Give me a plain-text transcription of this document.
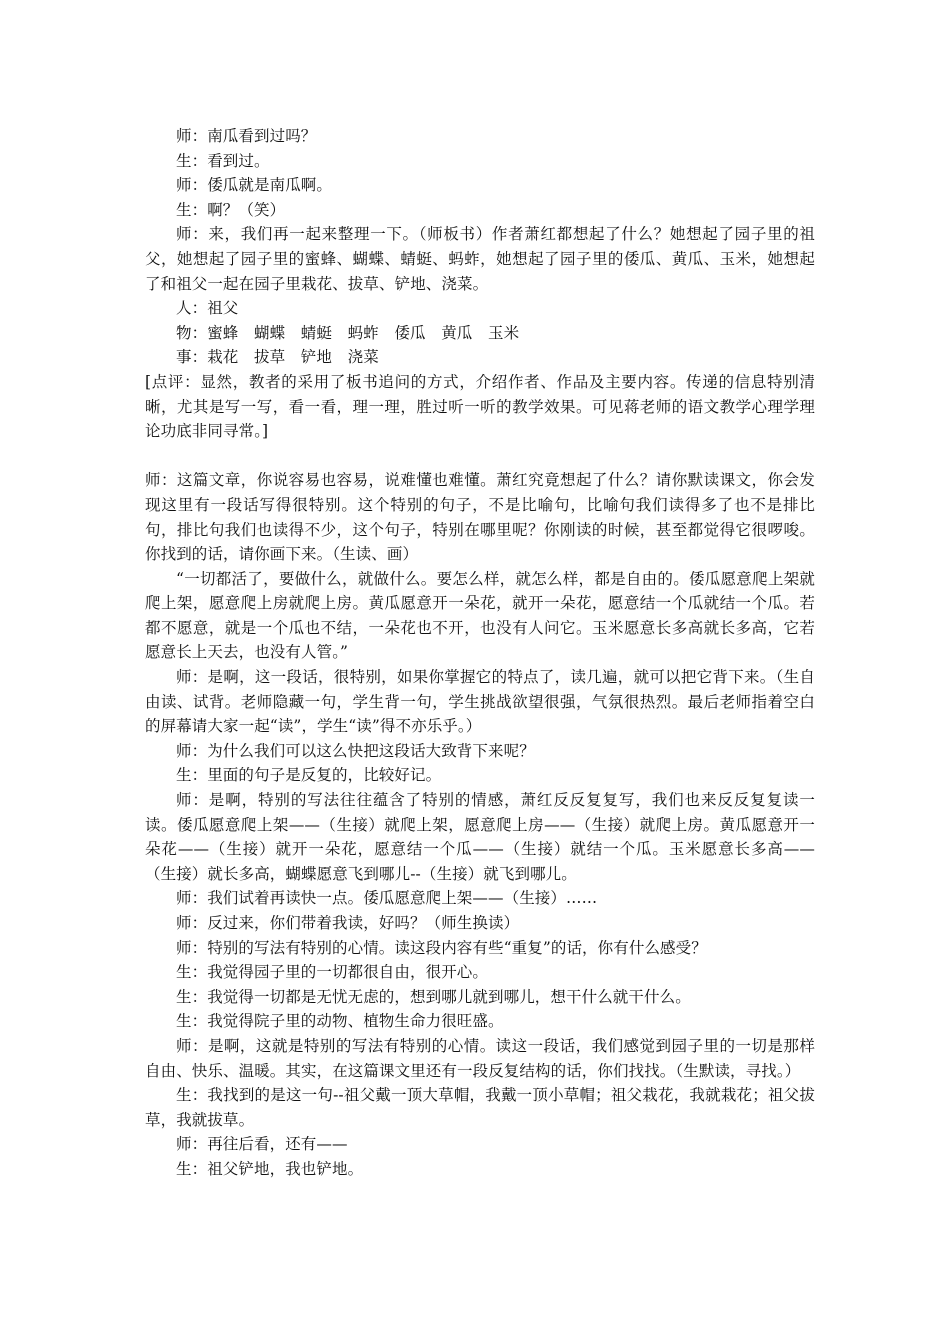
师：南瓜看到过吗？

生：看到过。

师：倭瓜就是南瓜啊。

生：啊？（笑）

师：来，我们再一起来整理一下。（师板书）作者萧红都想起了什么？她想起了园子里的祖父，她想起了园子里的蜜蜂、蝴蝶、蜻蜓、蚂蚱，她想起了园子里的倭瓜、黄瓜、玉米，她想起了和祖父一起在园子里栽花、拔草、铲地、浇菜。

人：祖父

物：蜜蜂　蝴蝶　蜻蜓　蚂蚱　倭瓜　黄瓜　玉米

事：栽花　拔草　铲地　浇菜

[点评：显然，教者的采用了板书追问的方式，介绍作者、作品及主要内容。传递的信息特别清晰，尤其是写一写，看一看，理一理，胜过听一听的教学效果。可见蒋老师的语文教学心理学理论功底非同寻常。]

师：这篇文章，你说容易也容易，说难懂也难懂。萧红究竟想起了什么？请你默读课文，你会发现这里有一段话写得很特别。这个特别的句子，不是比喻句，比喻句我们读得多了也不是排比句，排比句我们也读得不少，这个句子，特别在哪里呢？你刚读的时候，甚至都觉得它很啰唆。你找到的话，请你画下来。（生读、画）

“一切都活了，要做什么，就做什么。要怎么样，就怎么样，都是自由的。倭瓜愿意爬上架就爬上架，愿意爬上房就爬上房。黄瓜愿意开一朵花，就开一朵花，愿意结一个瓜就结一个瓜。若都不愿意，就是一个瓜也不结，一朵花也不开，也没有人问它。玉米愿意长多高就长多高，它若愿意长上天去，也没有人管。”

师：是啊，这一段话，很特别，如果你掌握它的特点了，读几遍，就可以把它背下来。（生自由读、试背。老师隐藏一句，学生背一句，学生挑战欲望很强，气氛很热烈。最后老师指着空白的屏幕请大家一起“读”，学生“读”得不亦乐乎。）

师：为什么我们可以这么快把这段话大致背下来呢？

生：里面的句子是反复的，比较好记。

师：是啊，特别的写法往往蕴含了特别的情感，萧红反反复复写，我们也来反反复复读一读。倭瓜愿意爬上架——（生接）就爬上架，愿意爬上房——（生接）就爬上房。黄瓜愿意开一朵花——（生接）就开一朵花，愿意结一个瓜——（生接）就结一个瓜。玉米愿意长多高——（生接）就长多高，蝴蝶愿意飞到哪儿--（生接）就飞到哪儿。

师：我们试着再读快一点。倭瓜愿意爬上架——（生接）……

师：反过来，你们带着我读，好吗？（师生换读）

师：特别的写法有特别的心情。读这段内容有些“重复”的话，你有什么感受？

生：我觉得园子里的一切都很自由，很开心。

生：我觉得一切都是无忧无虑的，想到哪儿就到哪儿，想干什么就干什么。

生：我觉得院子里的动物、植物生命力很旺盛。

师：是啊，这就是特别的写法有特别的心情。读这一段话，我们感觉到园子里的一切是那样自由、快乐、温暖。其实，在这篇课文里还有一段反复结构的话，你们找找。（生默读，寻找。）

生：我找到的是这一句--祖父戴一顶大草帽，我戴一顶小草帽；祖父栽花，我就栽花；祖父拔草，我就拔草。

师：再往后看，还有——

生：祖父铲地，我也铲地。
